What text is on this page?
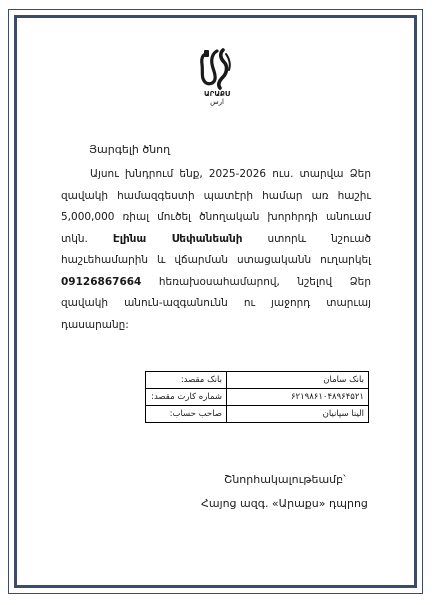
ԱՐԱՔՍ
ارس

Յարգելի ծնող

Այսու խնդրում ենք, 2025-2026 ուս. տարվա Ձեր զավակի համազգեստի պատէրի համար առ հաշիւ 5,000,000 ռիալ մուծել ծնողական խորհրդի անուամ տկն. Էլինա Սեփանեանի ստորև նշուած հաշւեհամարին և վճարման ստացականն ուղարկել 09126867664 հեռախօսահամարով, նշելով Ձեր զավակի անուն-ազգանունն ու յաջորդ տարւայ դասարանը:

بانک مقصد:	بانک سامان
شماره کارت مقصد:	۶۲۱۹۸۶۱۰۴۸۹۶۴۵۲۱
صاحب حساب:	الینا سپانیان

Շնորհակալութեամբ՝

Հայոց ազգ. «Արաքս» դպրոց
